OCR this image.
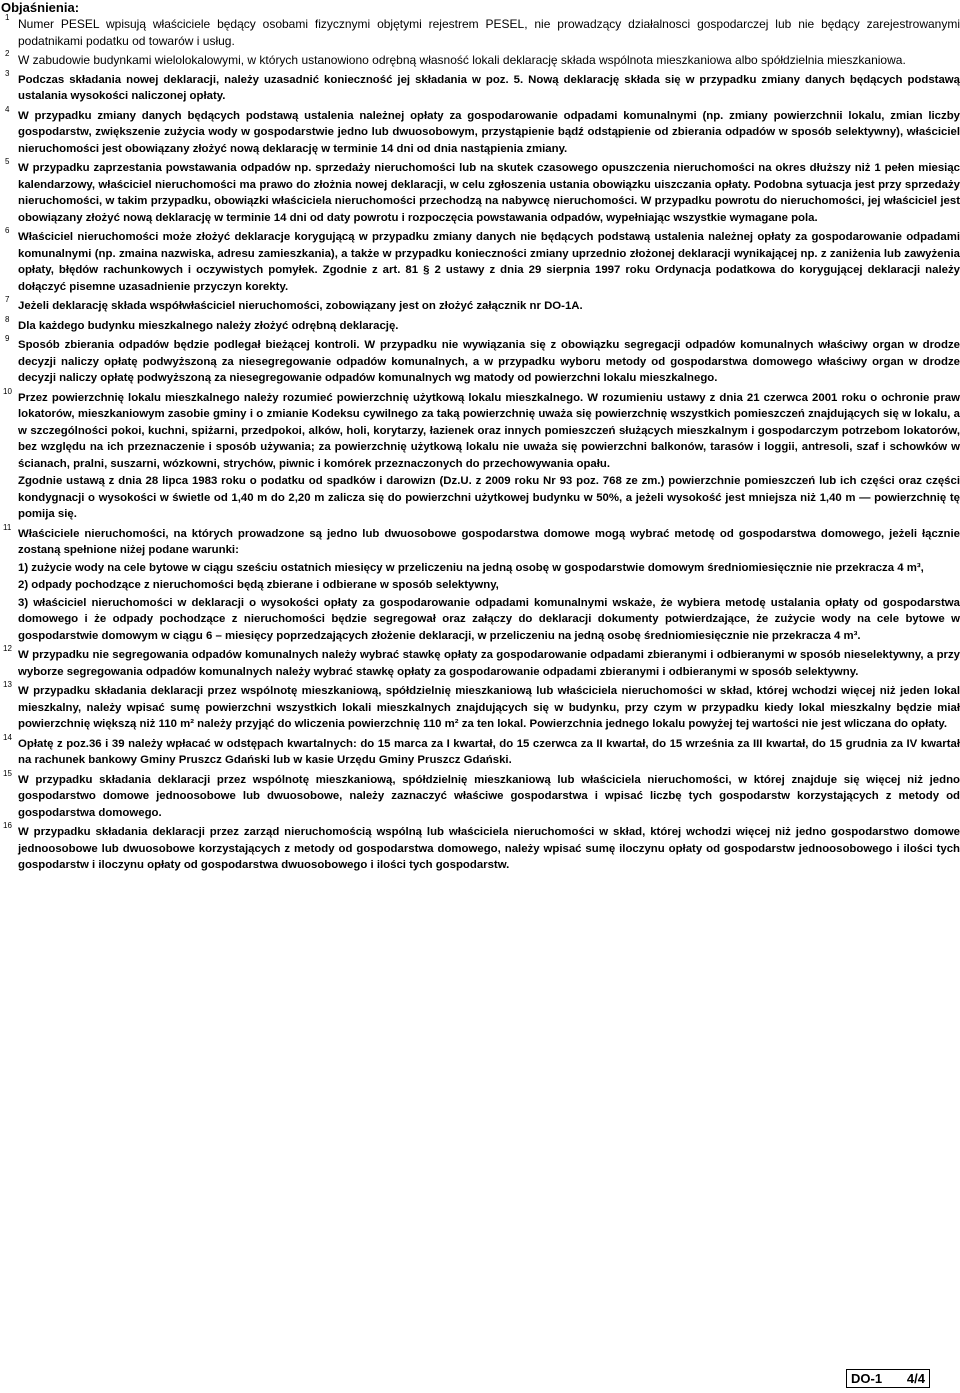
Objaśnienia:
1 Numer PESEL wpisują właściciele będący osobami fizycznymi objętymi rejestrem PESEL, nie prowadzący działalnosci gospodarczej lub nie będący zarejestrowanymi podatnikami podatku od towarów i usług.

2 W zabudowie budynkami wielolokalowymi, w których ustanowiono odrębną własność lokali deklarację składa wspólnota mieszkaniowa albo spółdzielnia mieszkaniowa.

3

Podczas składania nowej deklaracji, należy uzasadnić konieczność jej składania w poz. 5. Nową deklarację składa się w przypadku zmiany danych będących podstawą ustalania wysokości naliczonej opłaty.

4

W przypadku zmiany danych będących podstawą ustalenia należnej opłaty za gospodarowanie odpadami komunalnymi (np. zmiany powierzchnii lokalu, zmian liczby gospodarstw, zwiększenie zużycia wody w gospodarstwie jedno lub dwuosobowym, przystąpienie bądź odstąpienie od zbierania odpadów w sposób selektywny), właściciel nieruchomości jest obowiązany złożyć nową deklarację w terminie 14 dni od dnia nastąpienia zmiany.

5

W przypadku zaprzestania powstawania odpadów np. sprzedaży nieruchomości lub na skutek czasowego opuszczenia nieruchomości na okres dłuższy niż 1 pełen miesiąc kalendarzowy, właściciel nieruchomości ma prawo do złożnia nowej deklaracji, w celu zgłoszenia ustania obowiązku uiszczania opłaty. Podobna sytuacja jest przy sprzedaży nieruchomości, w takim przypadku, obowiązki właściciela nieruchomości przechodzą na nabywcę nieruchomości. W przypadku powrotu do nieruchomości, jej właściciel jest obowiązany złożyć nową deklarację w terminie 14 dni od daty powrotu i rozpoczęcia powstawania odpadów, wypełniając wszystkie wymagane pola.

6

Właściciel nieruchomości może złożyć deklaracje korygującą w przypadku zmiany danych nie będących podstawą ustalenia należnej opłaty za gospodarowanie odpadami komunalnymi (np. zmaina nazwiska, adresu zamieszkania), a także w przypadku konieczności zmiany uprzednio złożonej deklaracji wynikającej np. z zaniżenia lub zawyżenia opłaty, błędów rachunkowych i oczywistych pomyłek. Zgodnie z art. 81 § 2 ustawy z dnia 29 sierpnia 1997 roku Ordynacja podatkowa do korygującej deklaracji należy dołączyć pisemne uzasadnienie przyczyn korekty.

7

Jeżeli deklarację składa współwłaściciel nieruchomości, zobowiązany jest on złożyć załącznik nr DO-1A.

8

Dla każdego budynku mieszkalnego należy złożyć odrębną deklarację.

9

Sposób zbierania odpadów będzie podlegał bieżącej kontroli. W przypadku nie wywiązania się z obowiązku segregacji odpadów komunalnych właściwy organ w drodze decyzji naliczy opłatę podwyższoną za niesegregowanie odpadów komunalnych, a w przypadku wyboru metody od gospodarstwa domowego właściwy organ w drodze decyzji naliczy opłatę podwyższoną za niesegregowanie odpadów komunalnych wg matody od powierzchni lokalu mieszkalnego.

10

Przez powierzchnię lokalu mieszkalnego należy rozumieć powierzchnię użytkową lokalu mieszkalnego. W rozumieniu ustawy z dnia 21 czerwca 2001 roku o ochronie praw lokatorów, mieszkaniowym zasobie gminy i o zmianie Kodeksu cywilnego za taką powierzchnię uważa się powierzchnię wszystkich pomieszczeń znajdujących się w lokalu, a w szczególności pokoi, kuchni, spiżarni, przedpokoi, alków, holi, korytarzy, łazienek oraz innych pomieszczeń służących mieszkalnym i gospodarczym potrzebom lokatorów, bez względu na ich przeznaczenie i sposób używania; za powierzchnię użytkową lokalu nie uważa się powierzchni balkonów, tarasów i loggii, antresoli, szaf i schowków w ścianach, pralni, suszarni, wózkowni, strychów, piwnic i komórek przeznaczonych do przechowywania opału.

Zgodnie ustawą z dnia 28 lipca 1983 roku o podatku od spadków i darowizn (Dz.U. z 2009 roku Nr 93 poz. 768 ze zm.) powierzchnie pomieszczeń lub ich części oraz części kondygnacji o wysokości w świetle od 1,40 m do 2,20 m zalicza się do powierzchni użytkowej budynku w 50%, a jeżeli wysokość jest mniejsza niż 1,40 m — powierzchnię tę pomija się.

11

Właściciele nieruchomości, na których prowadzone są jedno lub dwuosobowe gospodarstwa domowe mogą wybrać metodę od gospodarstwa domowego, jeżeli łącznie zostaną spełnione niżej podane warunki:

1) zużycie wody na cele bytowe w ciągu sześciu ostatnich miesięcy w przeliczeniu na jedną osobę w gospodarstwie domowym średniomiesięcznie nie przekracza 4 m³,

2) odpady pochodzące z nieruchomości będą zbierane i odbierane w sposób selektywny,

3) właściciel nieruchomości w deklaracji o wysokości opłaty za gospodarowanie odpadami komunalnymi wskaże, że wybiera metodę ustalania opłaty od gospodarstwa domowego i że odpady pochodzące z nieruchomości będzie segregował oraz załączy do deklaracji dokumenty potwierdzające, że zużycie wody na cele bytowe w gospodarstwie domowym w ciągu 6 – miesięcy poprzedzających złożenie deklaracji, w przeliczeniu na jedną osobę średniomiesięcznie nie przekracza 4 m³.

12

W przypadku nie segregowania odpadów komunalnych należy wybrać stawkę opłaty za gospodarowanie odpadami zbieranymi i odbieranymi w sposób nieselektywny, a przy wyborze segregowania odpadów komunalnych należy wybrać stawkę opłaty za gospodarowanie odpadami zbieranymi i odbieranymi w sposób selektywny.

13

W przypadku składania deklaracji przez wspólnotę mieszkaniową, spółdzielnię mieszkaniową lub właściciela nieruchomości w skład, której wchodzi więcej niż jeden lokal mieszkalny, należy wpisać sumę powierzchni wszystkich lokali mieszkalnych znajdujących się w budynku, przy czym w przypadku kiedy lokal mieszkalny będzie miał powierzchnię większą niż 110 m² należy przyjąć do wliczenia powierzchnię 110 m² za ten lokal. Powierzchnia jednego lokalu powyżej tej wartości nie jest wliczana do opłaty.

14

Opłatę z poz.36 i 39 należy wpłacać w odstępach kwartalnych: do 15 marca za I kwartał, do 15 czerwca za II kwartał, do 15 września za III kwartał, do 15 grudnia za IV kwartał na rachunek bankowy Gminy Pruszcz Gdański lub w kasie Urzędu Gminy Pruszcz Gdański.

15

W przypadku składania deklaracji przez wspólnotę mieszkaniową, spółdzielnię mieszkaniową lub właściciela nieruchomości, w której znajduje się więcej niż jedno gospodarstwo domowe jednoosobowe lub dwuosobowe, należy zaznaczyć właściwe gospodarstwa i wpisać liczbę tych gospodarstw korzystających z metody od gospodarstwa domowego.

16

W przypadku składania deklaracji przez zarząd nieruchomością wspólną lub właściciela nieruchomości w skład, której wchodzi więcej niż jedno gospodarstwo domowe jednoosobowe lub dwuosobowe korzystających z metody od gospodarstwa domowego, należy wpisać sumę iloczynu opłaty od gospodarstw jednoosobowego i ilości tych gospodarstw i iloczynu opłaty od gospodarstwa dwuosobowego i ilości tych gospodarstw.

DO-1 4/4
